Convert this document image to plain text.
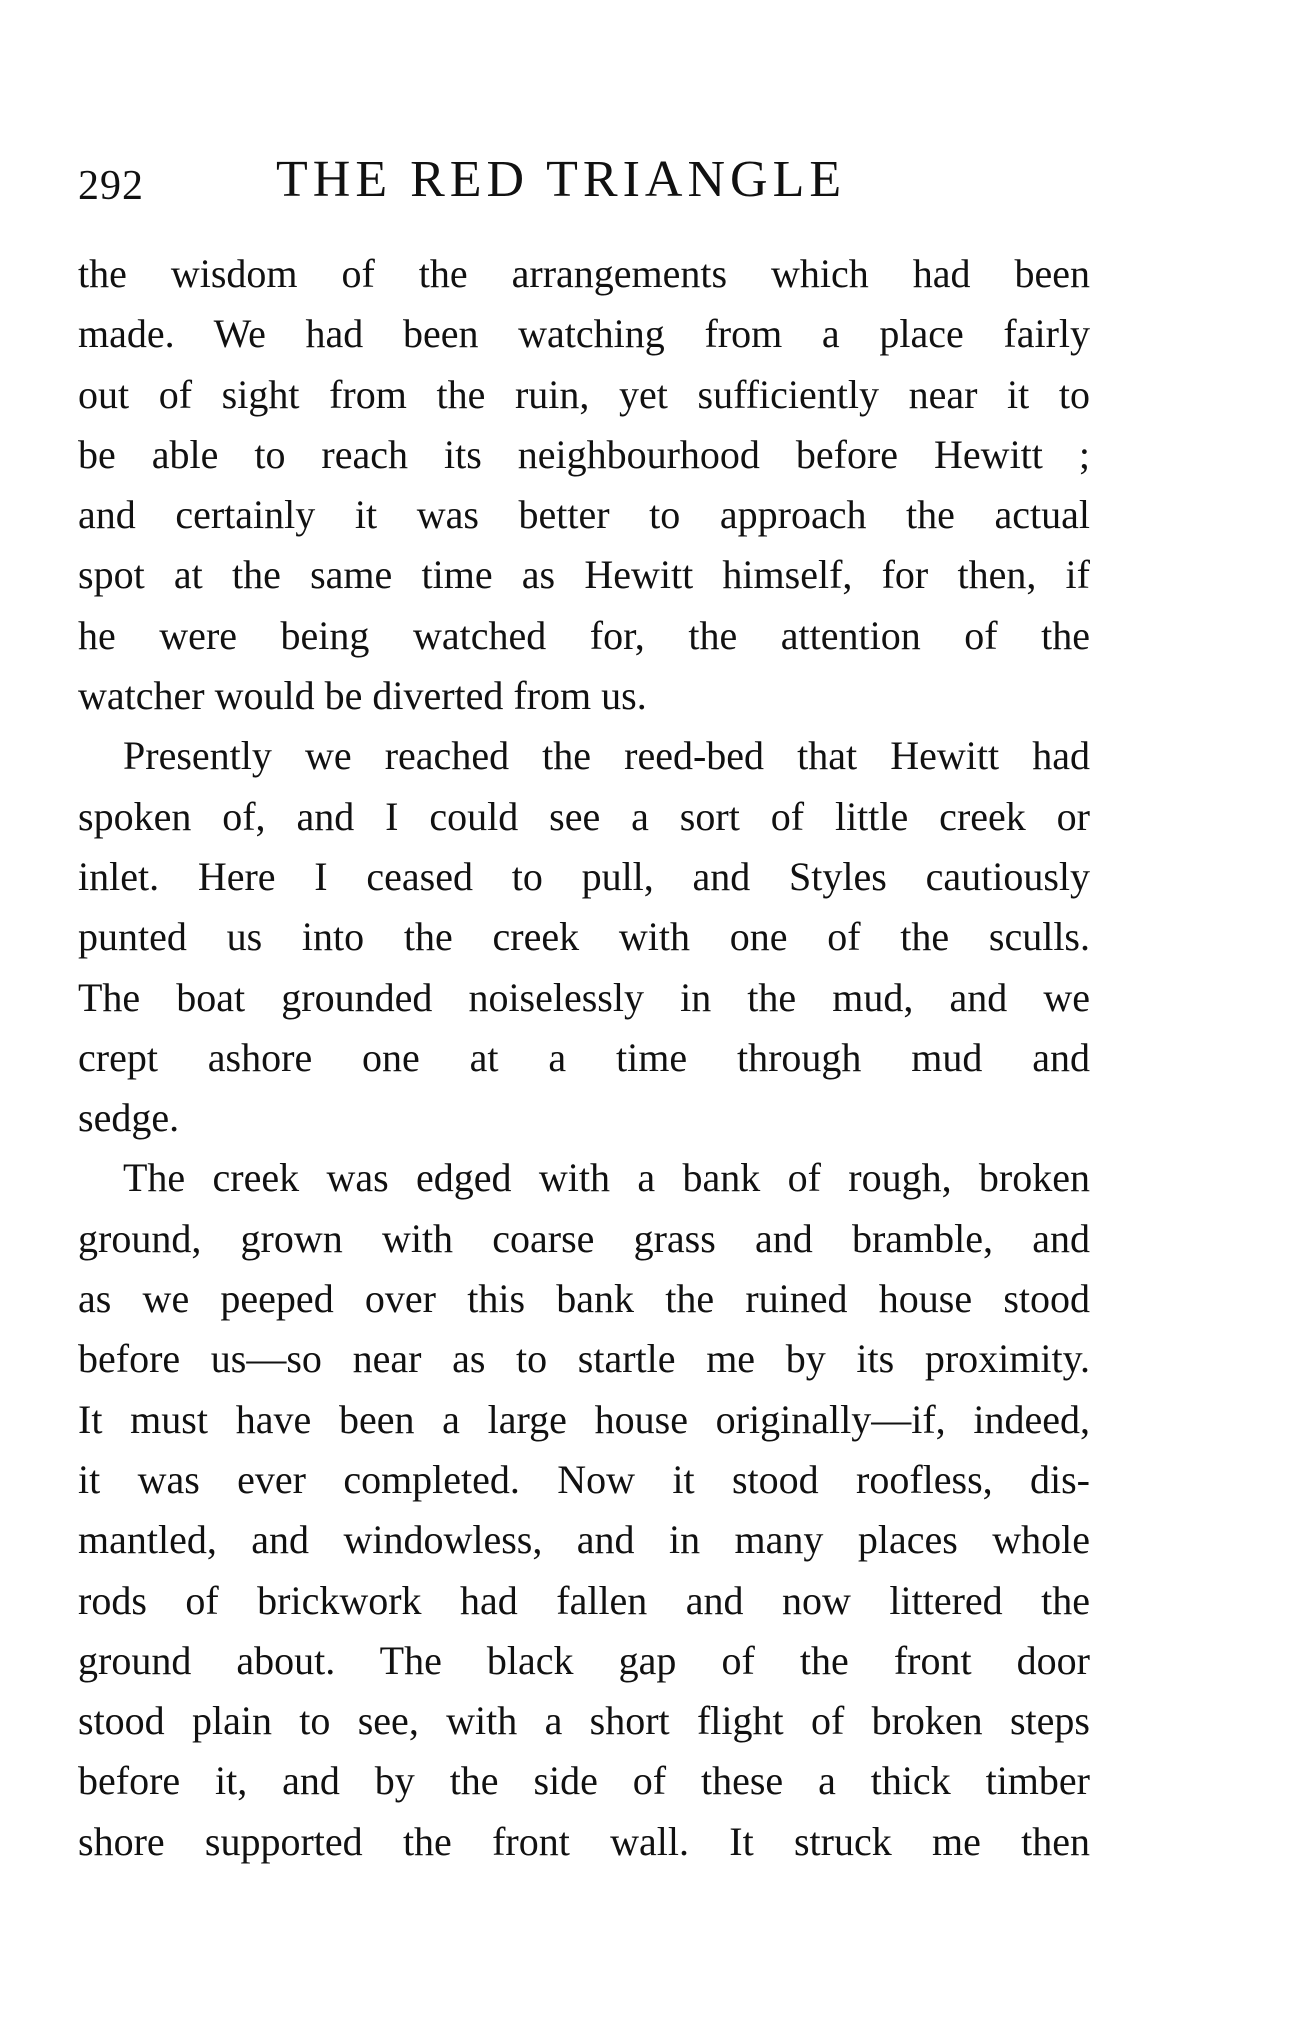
292	THE RED TRIANGLE
the wisdom of the arrangements which had been
made. We had been watching from a place fairly
out of sight from the ruin, yet sufficiently near it to
be able to reach its neighbourhood before Hewitt ;
and certainly it was better to approach the actual
spot at the same time as Hewitt himself, for then, if
he were being watched for, the attention of the
watcher would be diverted from us.
Presently we reached the reed-bed that Hewitt had
spoken of, and I could see a sort of little creek or
inlet. Here I ceased to pull, and Styles cautiously
punted us into the creek with one of the sculls.
The boat grounded noiselessly in the mud, and we
crept ashore one at a time through mud and
sedge.
The creek was edged with a bank of rough, broken
ground, grown with coarse grass and bramble, and
as we peeped over this bank the ruined house stood
before us—so near as to startle me by its proximity.
It must have been a large house originally—if, indeed,
it was ever completed. Now it stood roofless, dis-
mantled, and windowless, and in many places whole
rods of brickwork had fallen and now littered the
ground about. The black gap of the front door
stood plain to see, with a short flight of broken steps
before it, and by the side of these a thick timber
shore supported the front wall. It struck me then
